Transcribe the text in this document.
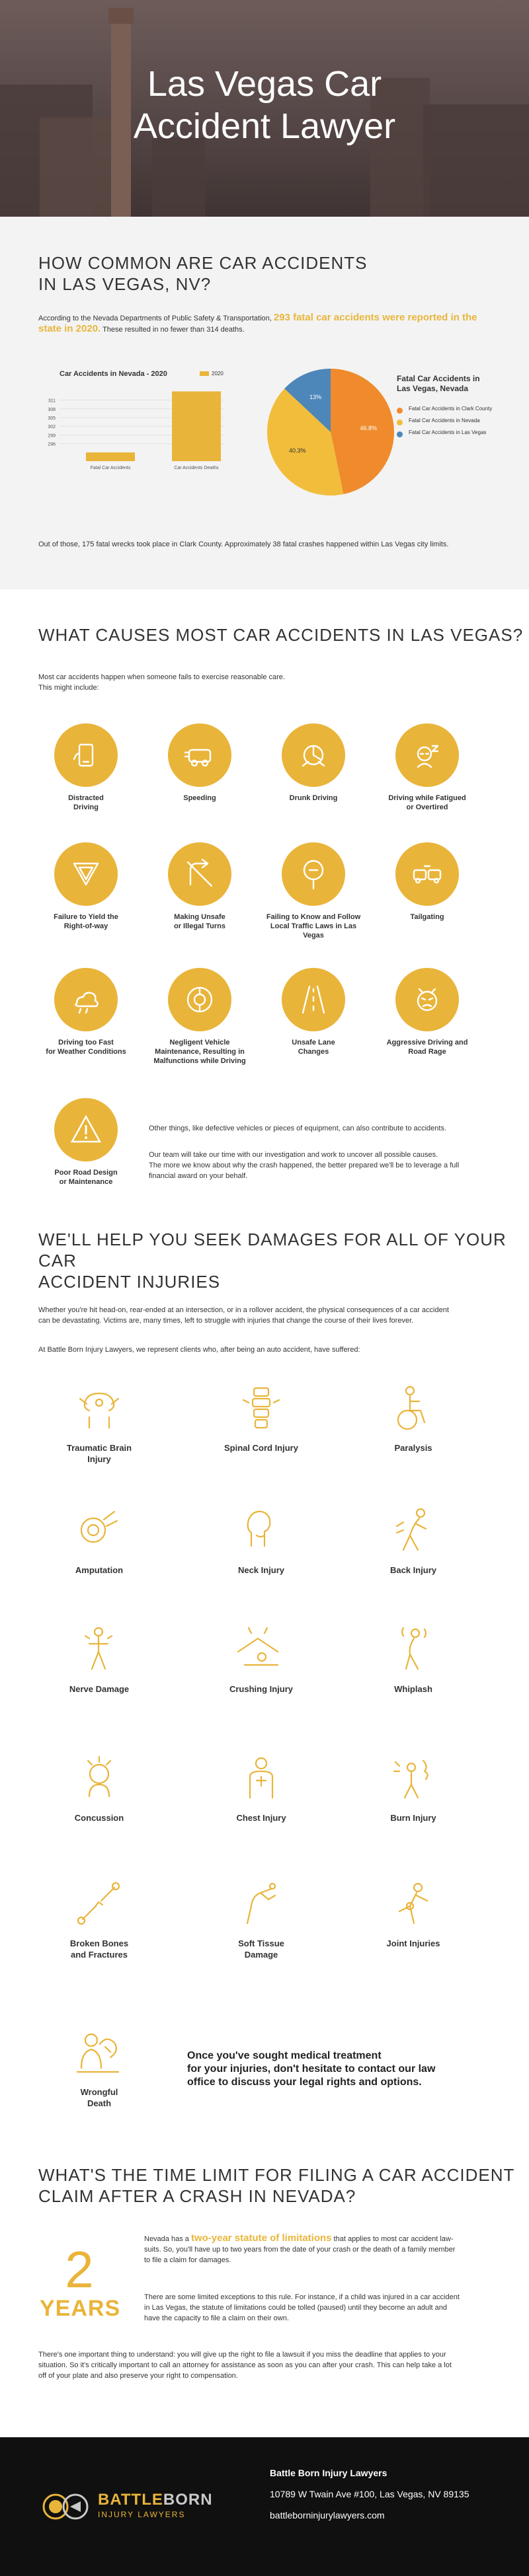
Las Vegas Car
Accident Lawyer
HOW COMMON ARE CAR ACCIDENTS
IN LAS VEGAS, NV?
According to the Nevada Departments of Public Safety & Transportation, 293 fatal car accidents were reported in the state in 2020. These resulted in no fewer than 314 deaths.
Car Accidents in Nevada - 2020	2020
311
308
305
302
299
296
Fatal Car Accidents	Car Accidents Deaths
13%
46.8%
40.3%
Fatal Car Accidents in
Las Vegas, Nevada
Fatal Car Accidents in Clark County
Fatal Car Accidents in Nevada
Fatal Car Accidents in Las Vegas
Out of those, 175 fatal wrecks took place in Clark County. Approximately 38 fatal crashes happened within Las Vegas city limits.
WHAT CAUSES MOST CAR ACCIDENTS IN LAS VEGAS?
Most car accidents happen when someone fails to exercise reasonable care.
This might include:
Distracted
Driving
Speeding	Drunk Driving	Driving while Fatigued
or Overtired
Failure to Yield the
Right-of-way
Making Unsafe
or Illegal Turns
Failing to Know and Follow
Local Traffic Laws in Las
Vegas
Tailgating
Driving too Fast
for Weather Conditions
Negligent Vehicle
Maintenance, Resulting in
Malfunctions while Driving
Unsafe Lane
Changes
Aggressive Driving and
Road Rage
Poor Road Design
or Maintenance
Other things, like defective vehicles or pieces of equipment, can also contribute to accidents.
Our team will take our time with our investigation and work to uncover all possible causes.
The more we know about why the crash happened, the better prepared we'll be to leverage a full
financial award on your behalf.
WE'LL HELP YOU SEEK DAMAGES FOR ALL OF YOUR CAR
ACCIDENT INJURIES
Whether you're hit head-on, rear-ended at an intersection, or in a rollover accident, the physical consequences of a car accident
can be devastating. Victims are, many times, left to struggle with injuries that change the course of their lives forever.
At Battle Born Injury Lawyers, we represent clients who, after being an auto accident, have suffered:
Traumatic Brain
Injury
Spinal Cord Injury	Paralysis
Amputation	Neck Injury	Back Injury
Nerve Damage	Crushing Injury	Whiplash
Concussion	Chest Injury	Burn Injury
Broken Bones
and Fractures
Soft Tissue
Damage
Joint Injuries
Wrongful
Death
Once you've sought medical treatment
for your injuries, don't hesitate to contact our law
office to discuss your legal rights and options.
WHAT'S THE TIME LIMIT FOR FILING A CAR ACCIDENT
CLAIM AFTER A CRASH IN NEVADA?
2
YEARS
Nevada has a two-year statute of limitations that applies to most car accident law-
suits. So, you'll have up to two years from the date of your crash or the death of a family member
to file a claim for damages.
There are some limited exceptions to this rule. For instance, if a child was injured in a car accident
in Las Vegas, the statute of limitations could be tolled (paused) until they become an adult and
have the capacity to file a claim on their own.
There's one important thing to understand: you will give up the right to file a lawsuit if you miss the deadline that applies to your
situation. So it's critically important to call an attorney for assistance as soon as you can after your crash. This can help take a lot
off of your plate and also preserve your right to compensation.
BATTLEBORN
INJURY LAWYERS
Battle Born Injury Lawyers
10789 W Twain Ave #100, Las Vegas, NV 89135
battleborninjurylawyers.com
